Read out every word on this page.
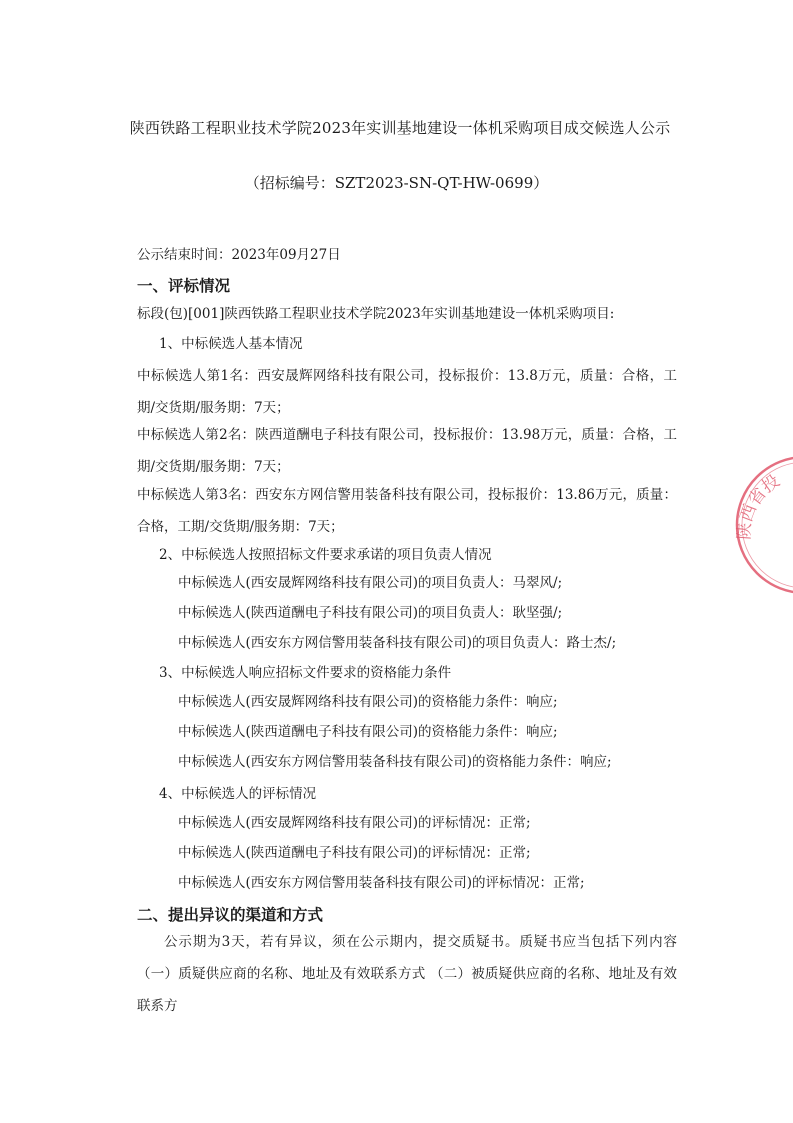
陕西铁路工程职业技术学院2023年实训基地建设一体机采购项目成交候选人公示
（招标编号：SZT2023-SN-QT-HW-0699）
公示结束时间：2023年09月27日
一、评标情况
标段(包)[001]陕西铁路工程职业技术学院2023年实训基地建设一体机采购项目:
1、中标候选人基本情况
中标候选人第1名：西安晟辉网络科技有限公司，投标报价：13.8万元，质量：合格，工期/交货期/服务期：7天；
中标候选人第2名：陕西道酬电子科技有限公司，投标报价：13.98万元，质量：合格，工期/交货期/服务期：7天；
中标候选人第3名：西安东方网信警用装备科技有限公司，投标报价：13.86万元，质量：合格，工期/交货期/服务期：7天；
2、中标候选人按照招标文件要求承诺的项目负责人情况
中标候选人(西安晟辉网络科技有限公司)的项目负责人：马翠风/;
中标候选人(陕西道酬电子科技有限公司)的项目负责人：耿坚强/;
中标候选人(西安东方网信警用装备科技有限公司)的项目负责人：路士杰/;
3、中标候选人响应招标文件要求的资格能力条件
中标候选人(西安晟辉网络科技有限公司)的资格能力条件：响应;
中标候选人(陕西道酬电子科技有限公司)的资格能力条件：响应;
中标候选人(西安东方网信警用装备科技有限公司)的资格能力条件：响应;
4、中标候选人的评标情况
中标候选人(西安晟辉网络科技有限公司)的评标情况：正常;
中标候选人(陕西道酬电子科技有限公司)的评标情况：正常;
中标候选人(西安东方网信警用装备科技有限公司)的评标情况：正常;
二、提出异议的渠道和方式
公示期为3天，若有异议，须在公示期内，提交质疑书。质疑书应当包括下列内容 （一）质疑供应商的名称、地址及有效联系方式 （二）被质疑供应商的名称、地址及有效联系方
陕西省投
